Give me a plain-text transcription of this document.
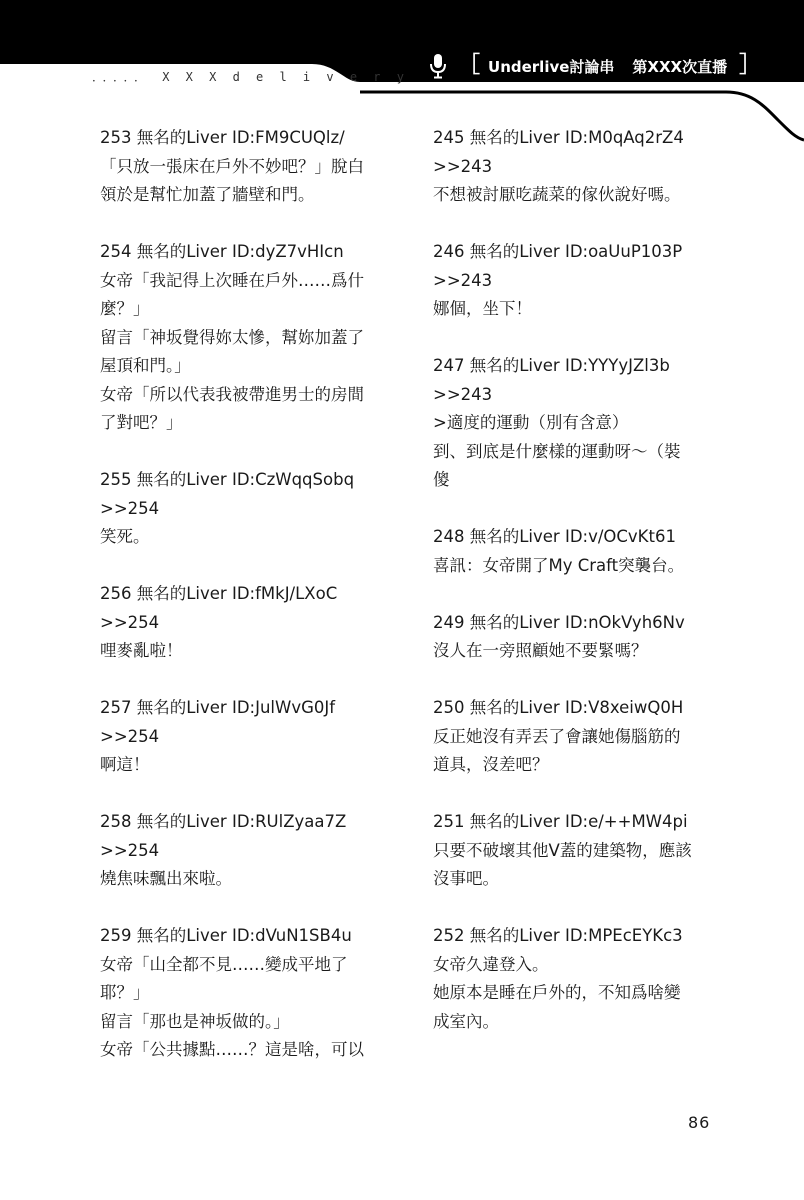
．．．．． X X X d e l i v e r y ［ Underlive討論串 第XXX次直播 ］
253 無名的Liver ID:FM9CUQlz/
「只放一張床在戶外不妙吧？」脫白
領於是幫忙加蓋了牆壁和門。
254 無名的Liver ID:dyZ7vHIcn
女帝「我記得上次睡在戶外……爲什
麼？」
留言「神坂覺得妳太慘，幫妳加蓋了
屋頂和門。」
女帝「所以代表我被帶進男士的房間
了對吧？」
255 無名的Liver ID:CzWqqSobq
>>254
笑死。
256 無名的Liver ID:fMkJ/LXoC
>>254
哩麥亂啦！
257 無名的Liver ID:JulWvG0Jf
>>254
啊這！
258 無名的Liver ID:RUlZyaa7Z
>>254
燒焦味飄出來啦。
259 無名的Liver ID:dVuN1SB4u
女帝「山全都不見……變成平地了
耶？」
留言「那也是神坂做的。」
女帝「公共據點……？這是啥，可以
245 無名的Liver ID:M0qAq2rZ4
>>243
不想被討厭吃蔬菜的傢伙說好嗎。
246 無名的Liver ID:oaUuP103P
>>243
娜個，坐下！
247 無名的Liver ID:YYYyJZl3b
>>243
>適度的運動（別有含意）
到、到底是什麼樣的運動呀～（裝
傻
248 無名的Liver ID:v/OCvKt61
喜訊：女帝開了My Craft突襲台。
249 無名的Liver ID:nOkVyh6Nv
沒人在一旁照顧她不要緊嗎？
250 無名的Liver ID:V8xeiwQ0H
反正她沒有弄丟了會讓她傷腦筋的
道具，沒差吧？
251 無名的Liver ID:e/++MW4pi
只要不破壞其他V蓋的建築物，應該
沒事吧。
252 無名的Liver ID:MPEcEYKc3
女帝久違登入。
她原本是睡在戶外的，不知爲啥變
成室內。
86
